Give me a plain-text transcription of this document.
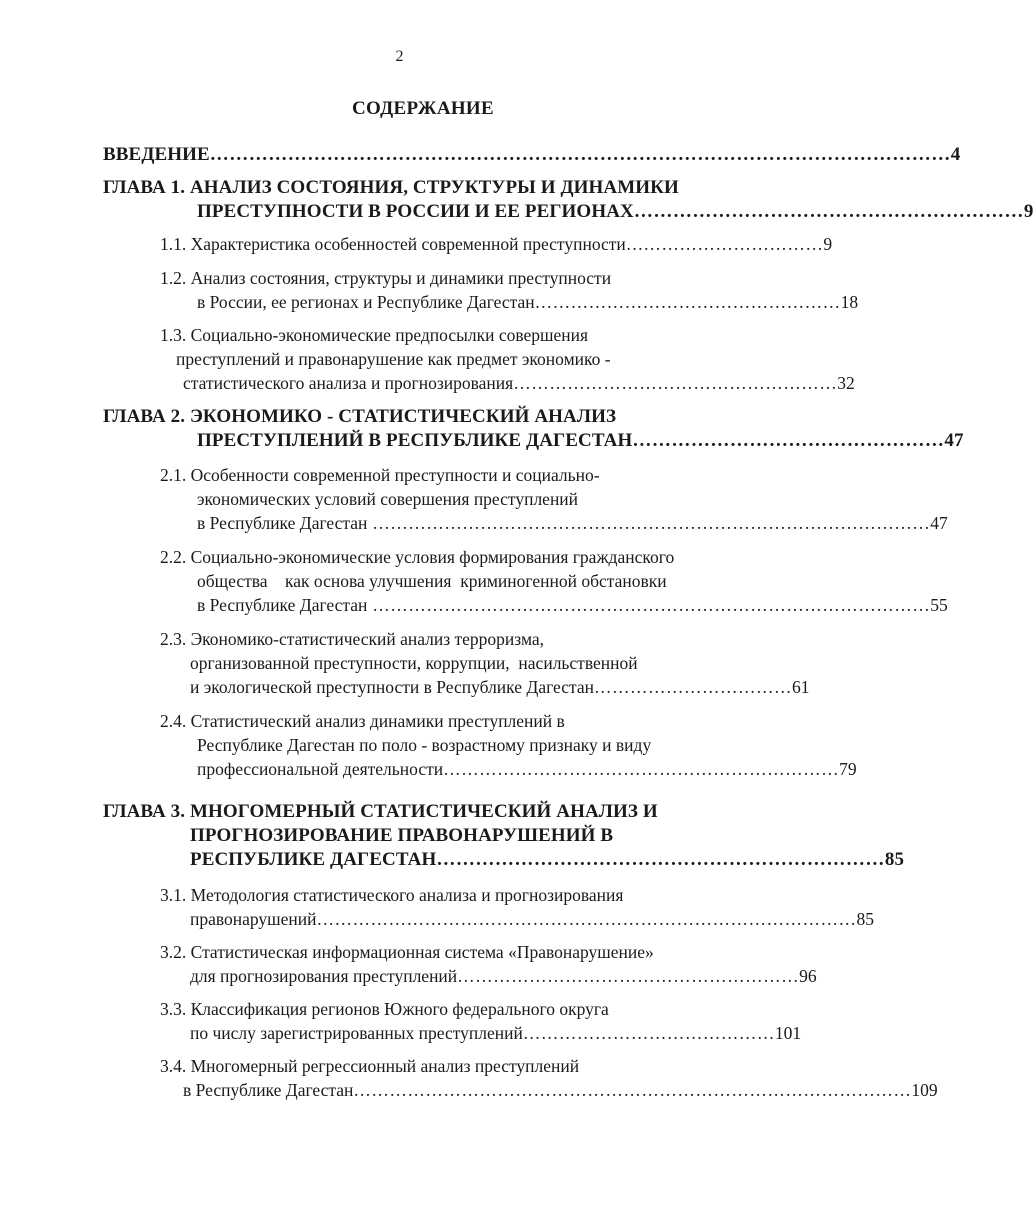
2
СОДЕРЖАНИЕ
ВВЕДЕНИЕ …………………………………………………………………………………………………… 4
ГЛАВА 1. АНАЛИЗ СОСТОЯНИЯ, СТРУКТУРЫ И ДИНАМИКИ
ПРЕСТУПНОСТИ В РОССИИ И ЕЕ РЕГИОНАХ …………………………………………………… 9
1.1. Характеристика особенностей современной преступности… ………………………… 9
1.2. Анализ состояния, структуры и динамики преступности
в России, ее регионах и Республике Дагестан …………………………………………… 18
1.3. Социально-экономические предпосылки совершения
преступлений и правонарушение как предмет экономико -
статистического анализа и прогнозирования ……………………………………………… 32
ГЛАВА 2. ЭКОНОМИКО - СТАТИСТИЧЕСКИЙ АНАЛИЗ
ПРЕСТУПЛЕНИЙ В РЕСПУБЛИКЕ ДАГЕСТАН ………………………………………… 47
2.1. Особенности современной преступности и социально-
экономических условий совершения преступлений
в Республике Дагестан ………………………………………………………………………………… 47
2.2. Социально-экономические условия формирования гражданского
общества    как основа улучшения  криминогенной обстановки
в Республике Дагестан ………………………………………………………………………………… 55
2.3. Экономико-статистический анализ терроризма,
организованной преступности, коррупции,  насильственной
и экологической преступности в Республике Дагестан …………………………… 61
2.4. Статистический анализ динамики преступлений в
Республике Дагестан по поло - возрастному признаку и виду
профессиональной деятельности ………………………………………………………… 79
ГЛАВА 3. МНОГОМЕРНЫЙ СТАТИСТИЧЕСКИЙ АНАЛИЗ И
ПРОГНОЗИРОВАНИЕ ПРАВОНАРУШЕНИЙ В
РЕСПУБЛИКЕ ДАГЕСТАН …………………………………………………………… 85
3.1. Методология статистического анализа и прогнозирования
правонарушений ……………………………………………………………………………… 85
3.2. Статистическая информационная система «Правонарушение»
для прогнозирования преступлений ………………………………………………… 96
3.3. Классификация регионов Южного федерального округа
по числу зарегистрированных преступлений …………………………………… 101
3.4. Многомерный регрессионный анализ преступлений
в Республике Дагестан ………………………………………………………………………………… 109
